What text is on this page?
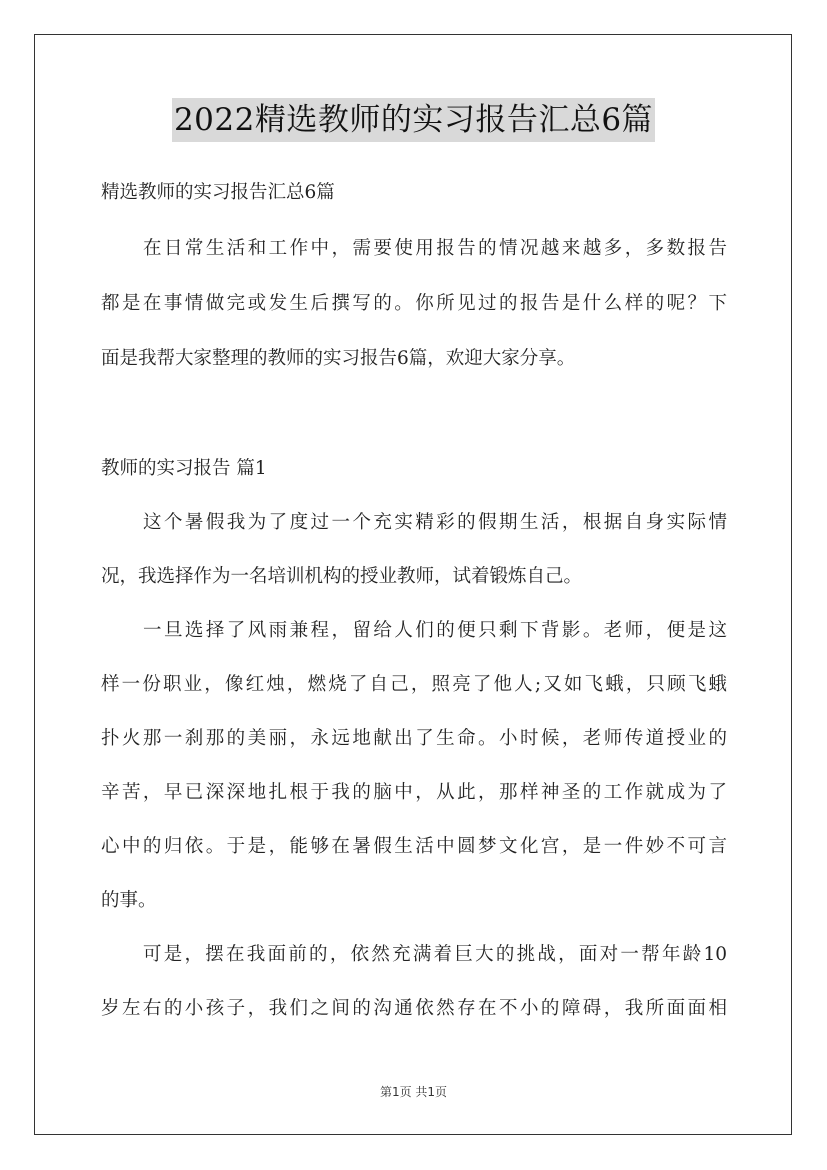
2022精选教师的实习报告汇总6篇
精选教师的实习报告汇总6篇
在日常生活和工作中，需要使用报告的情况越来越多，多数报告
都是在事情做完或发生后撰写的。你所见过的报告是什么样的呢？下
面是我帮大家整理的教师的实习报告6篇，欢迎大家分享。
教师的实习报告 篇1
这个暑假我为了度过一个充实精彩的假期生活，根据自身实际情
况，我选择作为一名培训机构的授业教师，试着锻炼自己。
一旦选择了风雨兼程，留给人们的便只剩下背影。老师，便是这
样一份职业，像红烛，燃烧了自己，照亮了他人;又如飞蛾，只顾飞蛾
扑火那一刹那的美丽，永远地献出了生命。小时候，老师传道授业的
辛苦，早已深深地扎根于我的脑中，从此，那样神圣的工作就成为了
心中的归依。于是，能够在暑假生活中圆梦文化宫，是一件妙不可言
的事。
可是，摆在我面前的，依然充满着巨大的挑战，面对一帮年龄10
岁左右的小孩子，我们之间的沟通依然存在不小的障碍，我所面面相
第1页 共1页
